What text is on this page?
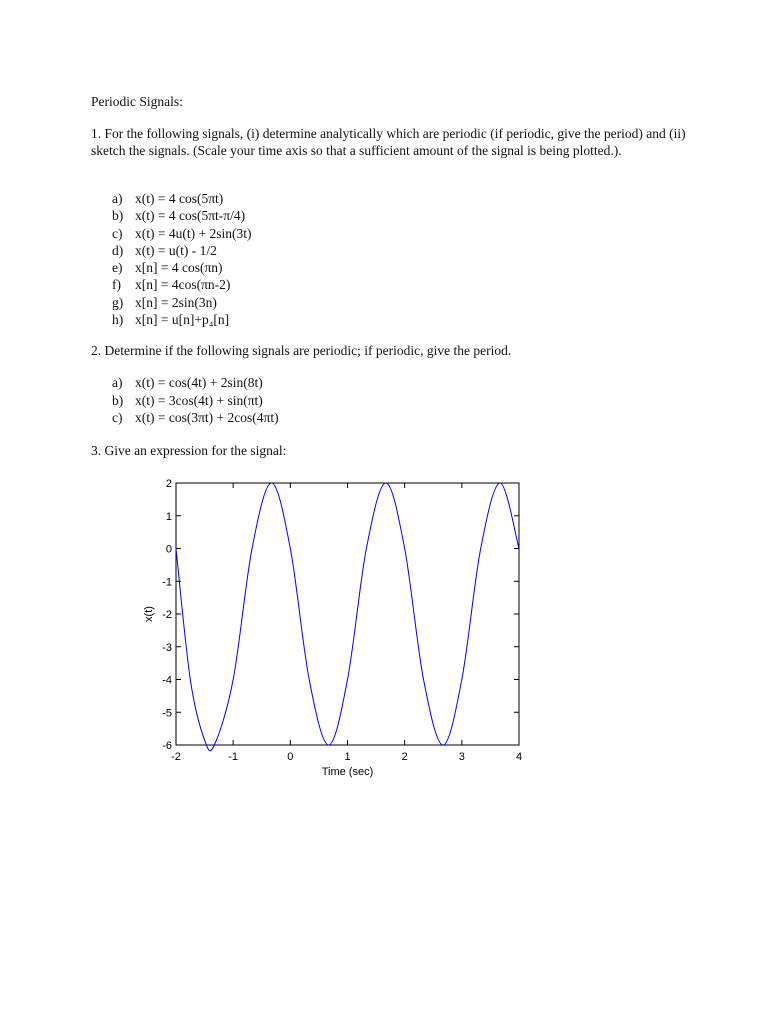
Periodic Signals:

1. For the following signals, (i) determine analytically which are periodic (if periodic, give the period) and (ii) sketch the signals. (Scale your time axis so that a sufficient amount of the signal is being plotted.).

a) x(t) = 4 cos(5πt)
b) x(t) = 4 cos(5πt-π/4)
c) x(t) = 4u(t) + 2sin(3t)
d) x(t) = u(t) - 1/2
e) x[n] = 4 cos(πn)
f) x[n] = 4cos(πn-2)
g) x[n] = 2sin(3n)
h) x[n] = u[n]+p₄[n]

2. Determine if the following signals are periodic; if periodic, give the period.

a) x(t) = cos(4t) + 2sin(8t)
b) x(t) = 3cos(4t) + sin(πt)
c) x(t) = cos(3πt) + 2cos(4πt)

3. Give an expression for the signal:

2
1
0
-1
-2
-3
-4
-5
-6
-2	-1	0	1	2	3	4
Time (sec)
x(t)
